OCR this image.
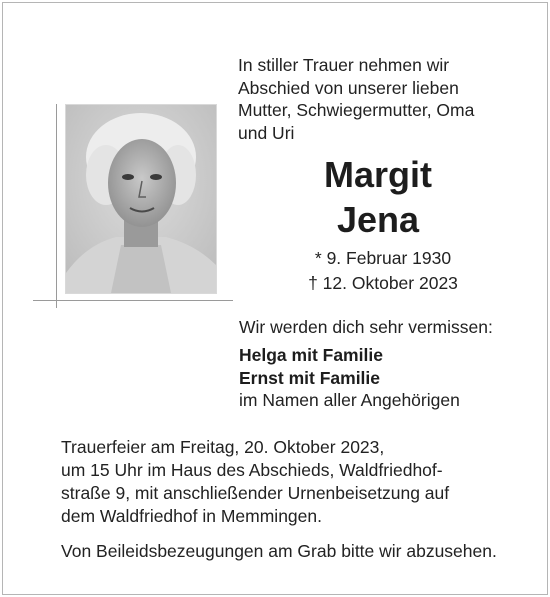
In stiller Trauer nehmen wir
Abschied von unserer lieben
Mutter, Schwiegermutter, Oma
und Uri
Margit
Jena
* 9. Februar 1930
† 12. Oktober 2023
Wir werden dich sehr vermissen:
Helga mit Familie
Ernst mit Familie
im Namen aller Angehörigen
Trauerfeier am Freitag, 20. Oktober 2023,
um 15 Uhr im Haus des Abschieds, Waldfriedhof-
straße 9, mit anschließender Urnenbeisetzung auf
dem Waldfriedhof in Memmingen.
Von Beileidsbezeugungen am Grab bitte wir abzusehen.
